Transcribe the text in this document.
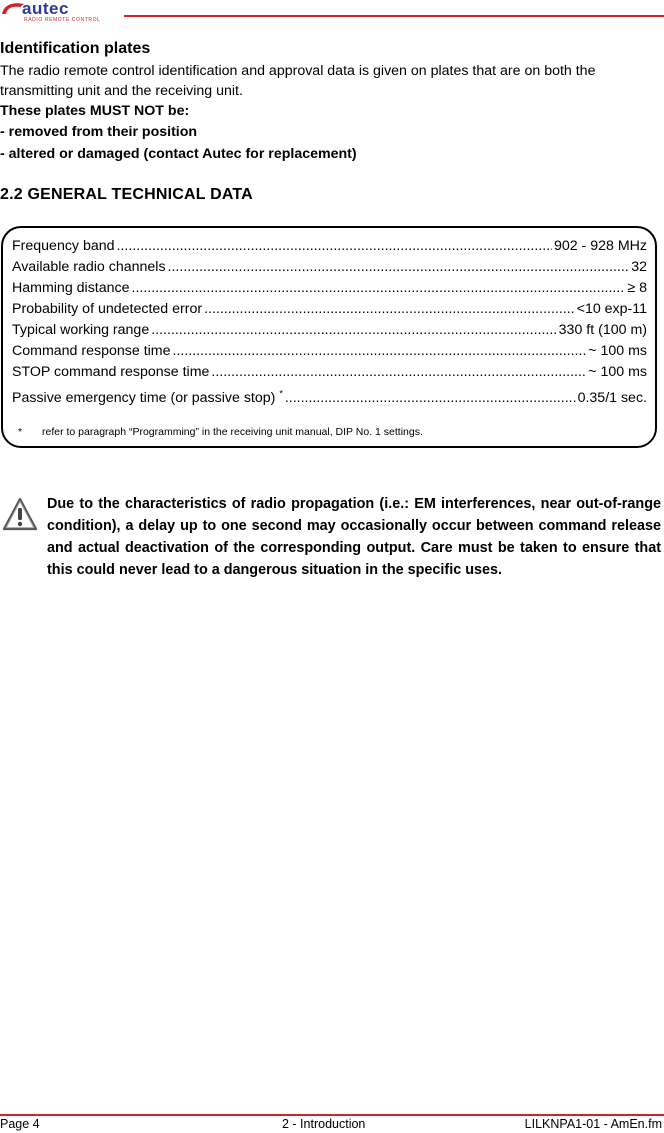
autec
RADIO REMOTE CONTROL
Identification plates
The radio remote control identification and approval data is given on plates that are on both the transmitting unit and the receiving unit.
These plates MUST NOT be:
- removed from their position
- altered or damaged (contact Autec for replacement)
2.2 GENERAL TECHNICAL DATA
Frequency band .....	902 - 928 MHz
Available radio channels .....	32
Hamming distance .....	≥ 8
Probability of undetected error .....	<10 exp-11
Typical working range .....	330 ft (100 m)
Command response time .....	~ 100 ms
STOP command response time .....	~ 100 ms
Passive emergency time (or passive stop) * .....	0.35/1 sec.
* refer to paragraph “Programming” in the receiving unit manual, DIP No. 1 settings.
Due to the characteristics of radio propagation (i.e.: EM interferences, near out-of-range condition), a delay up to one second may occasionally occur between command release and actual deactivation of the corresponding output. Care must be taken to ensure that this could never lead to a dangerous situation in the specific uses.
Page 4	2 - Introduction	LILKNPA1-01 - AmEn.fm
